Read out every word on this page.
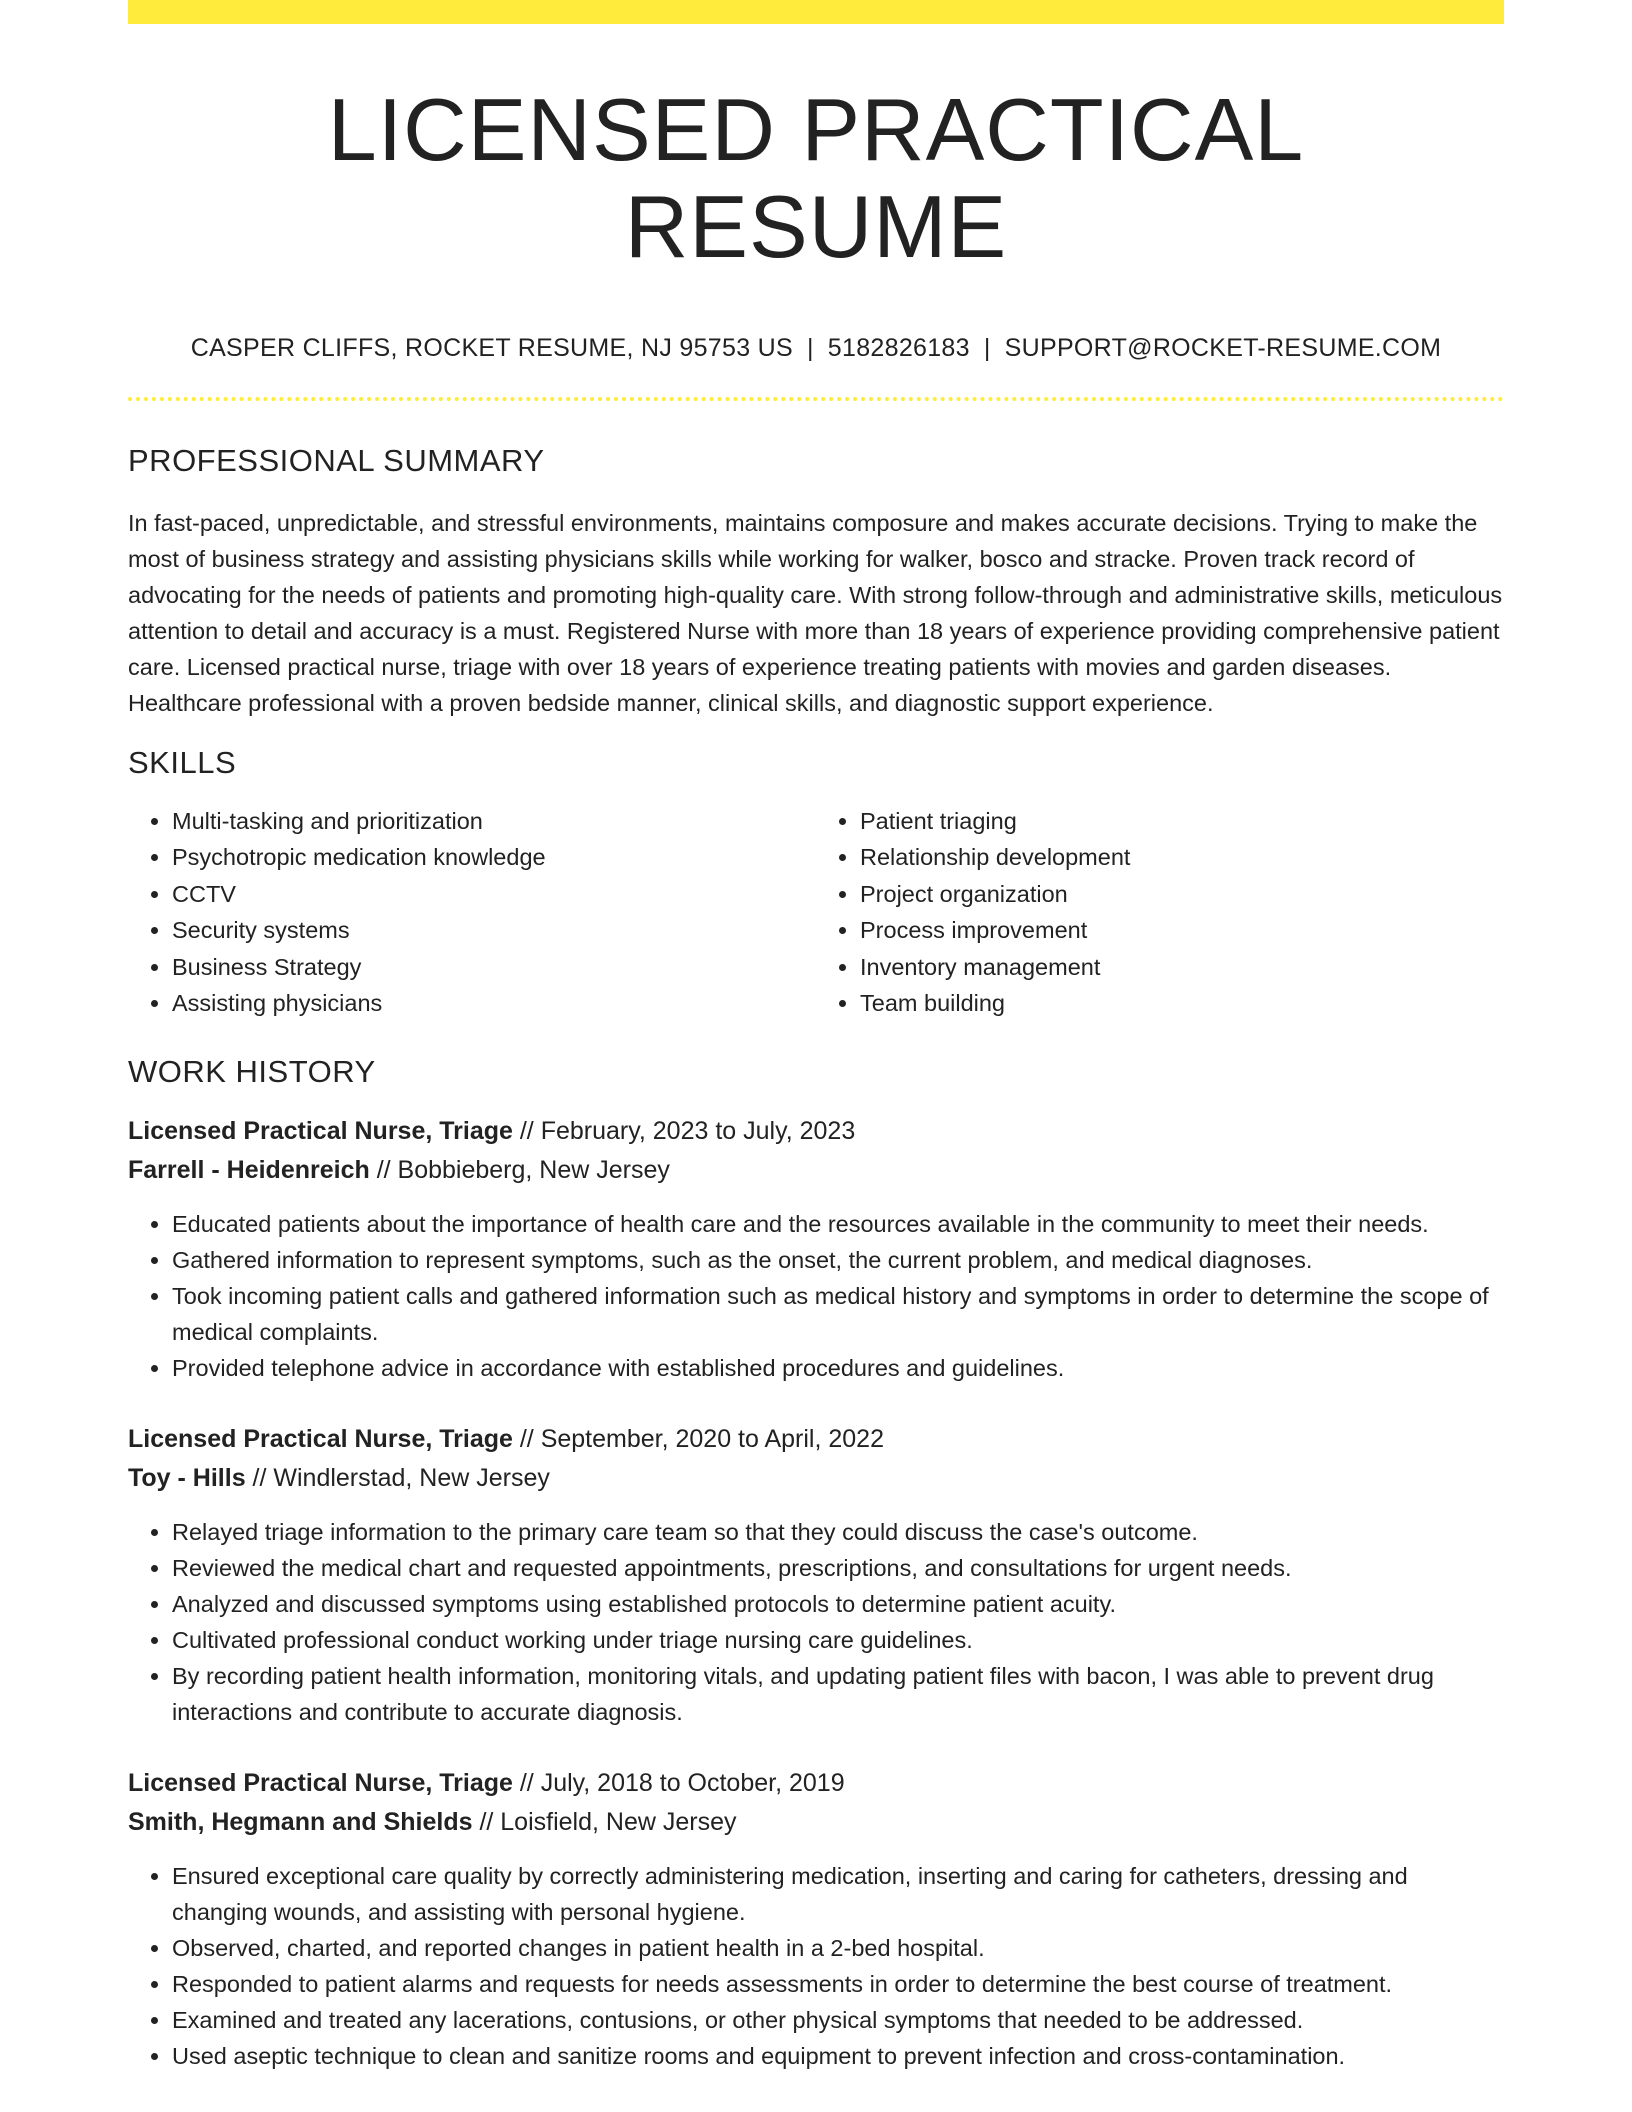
LICENSED PRACTICAL RESUME
CASPER CLIFFS, ROCKET RESUME, NJ 95753 US | 5182826183 | SUPPORT@ROCKET-RESUME.COM
PROFESSIONAL SUMMARY

In fast-paced, unpredictable, and stressful environments, maintains composure and makes accurate decisions. Trying to make the most of business strategy and assisting physicians skills while working for walker, bosco and stracke. Proven track record of advocating for the needs of patients and promoting high-quality care. With strong follow-through and administrative skills, meticulous attention to detail and accuracy is a must. Registered Nurse with more than 18 years of experience providing comprehensive patient care. Licensed practical nurse, triage with over 18 years of experience treating patients with movies and garden diseases. Healthcare professional with a proven bedside manner, clinical skills, and diagnostic support experience.

SKILLS
• Multi-tasking and prioritization
• Psychotropic medication knowledge
• CCTV
• Security systems
• Business Strategy
• Assisting physicians
• Patient triaging
• Relationship development
• Project organization
• Process improvement
• Inventory management
• Team building
WORK HISTORY
Licensed Practical Nurse, Triage // February, 2023 to July, 2023
Farrell - Heidenreich // Bobbieberg, New Jersey
• Educated patients about the importance of health care and the resources available in the community to meet their needs.
• Gathered information to represent symptoms, such as the onset, the current problem, and medical diagnoses.
• Took incoming patient calls and gathered information such as medical history and symptoms in order to determine the scope of medical complaints.
• Provided telephone advice in accordance with established procedures and guidelines.
Licensed Practical Nurse, Triage // September, 2020 to April, 2022
Toy - Hills // Windlerstad, New Jersey
• Relayed triage information to the primary care team so that they could discuss the case's outcome.
• Reviewed the medical chart and requested appointments, prescriptions, and consultations for urgent needs.
• Analyzed and discussed symptoms using established protocols to determine patient acuity.
• Cultivated professional conduct working under triage nursing care guidelines.
• By recording patient health information, monitoring vitals, and updating patient files with bacon, I was able to prevent drug interactions and contribute to accurate diagnosis.
Licensed Practical Nurse, Triage // July, 2018 to October, 2019
Smith, Hegmann and Shields // Loisfield, New Jersey
• Ensured exceptional care quality by correctly administering medication, inserting and caring for catheters, dressing and changing wounds, and assisting with personal hygiene.
• Observed, charted, and reported changes in patient health in a 2-bed hospital.
• Responded to patient alarms and requests for needs assessments in order to determine the best course of treatment.
• Examined and treated any lacerations, contusions, or other physical symptoms that needed to be addressed.
• Used aseptic technique to clean and sanitize rooms and equipment to prevent infection and cross-contamination.
